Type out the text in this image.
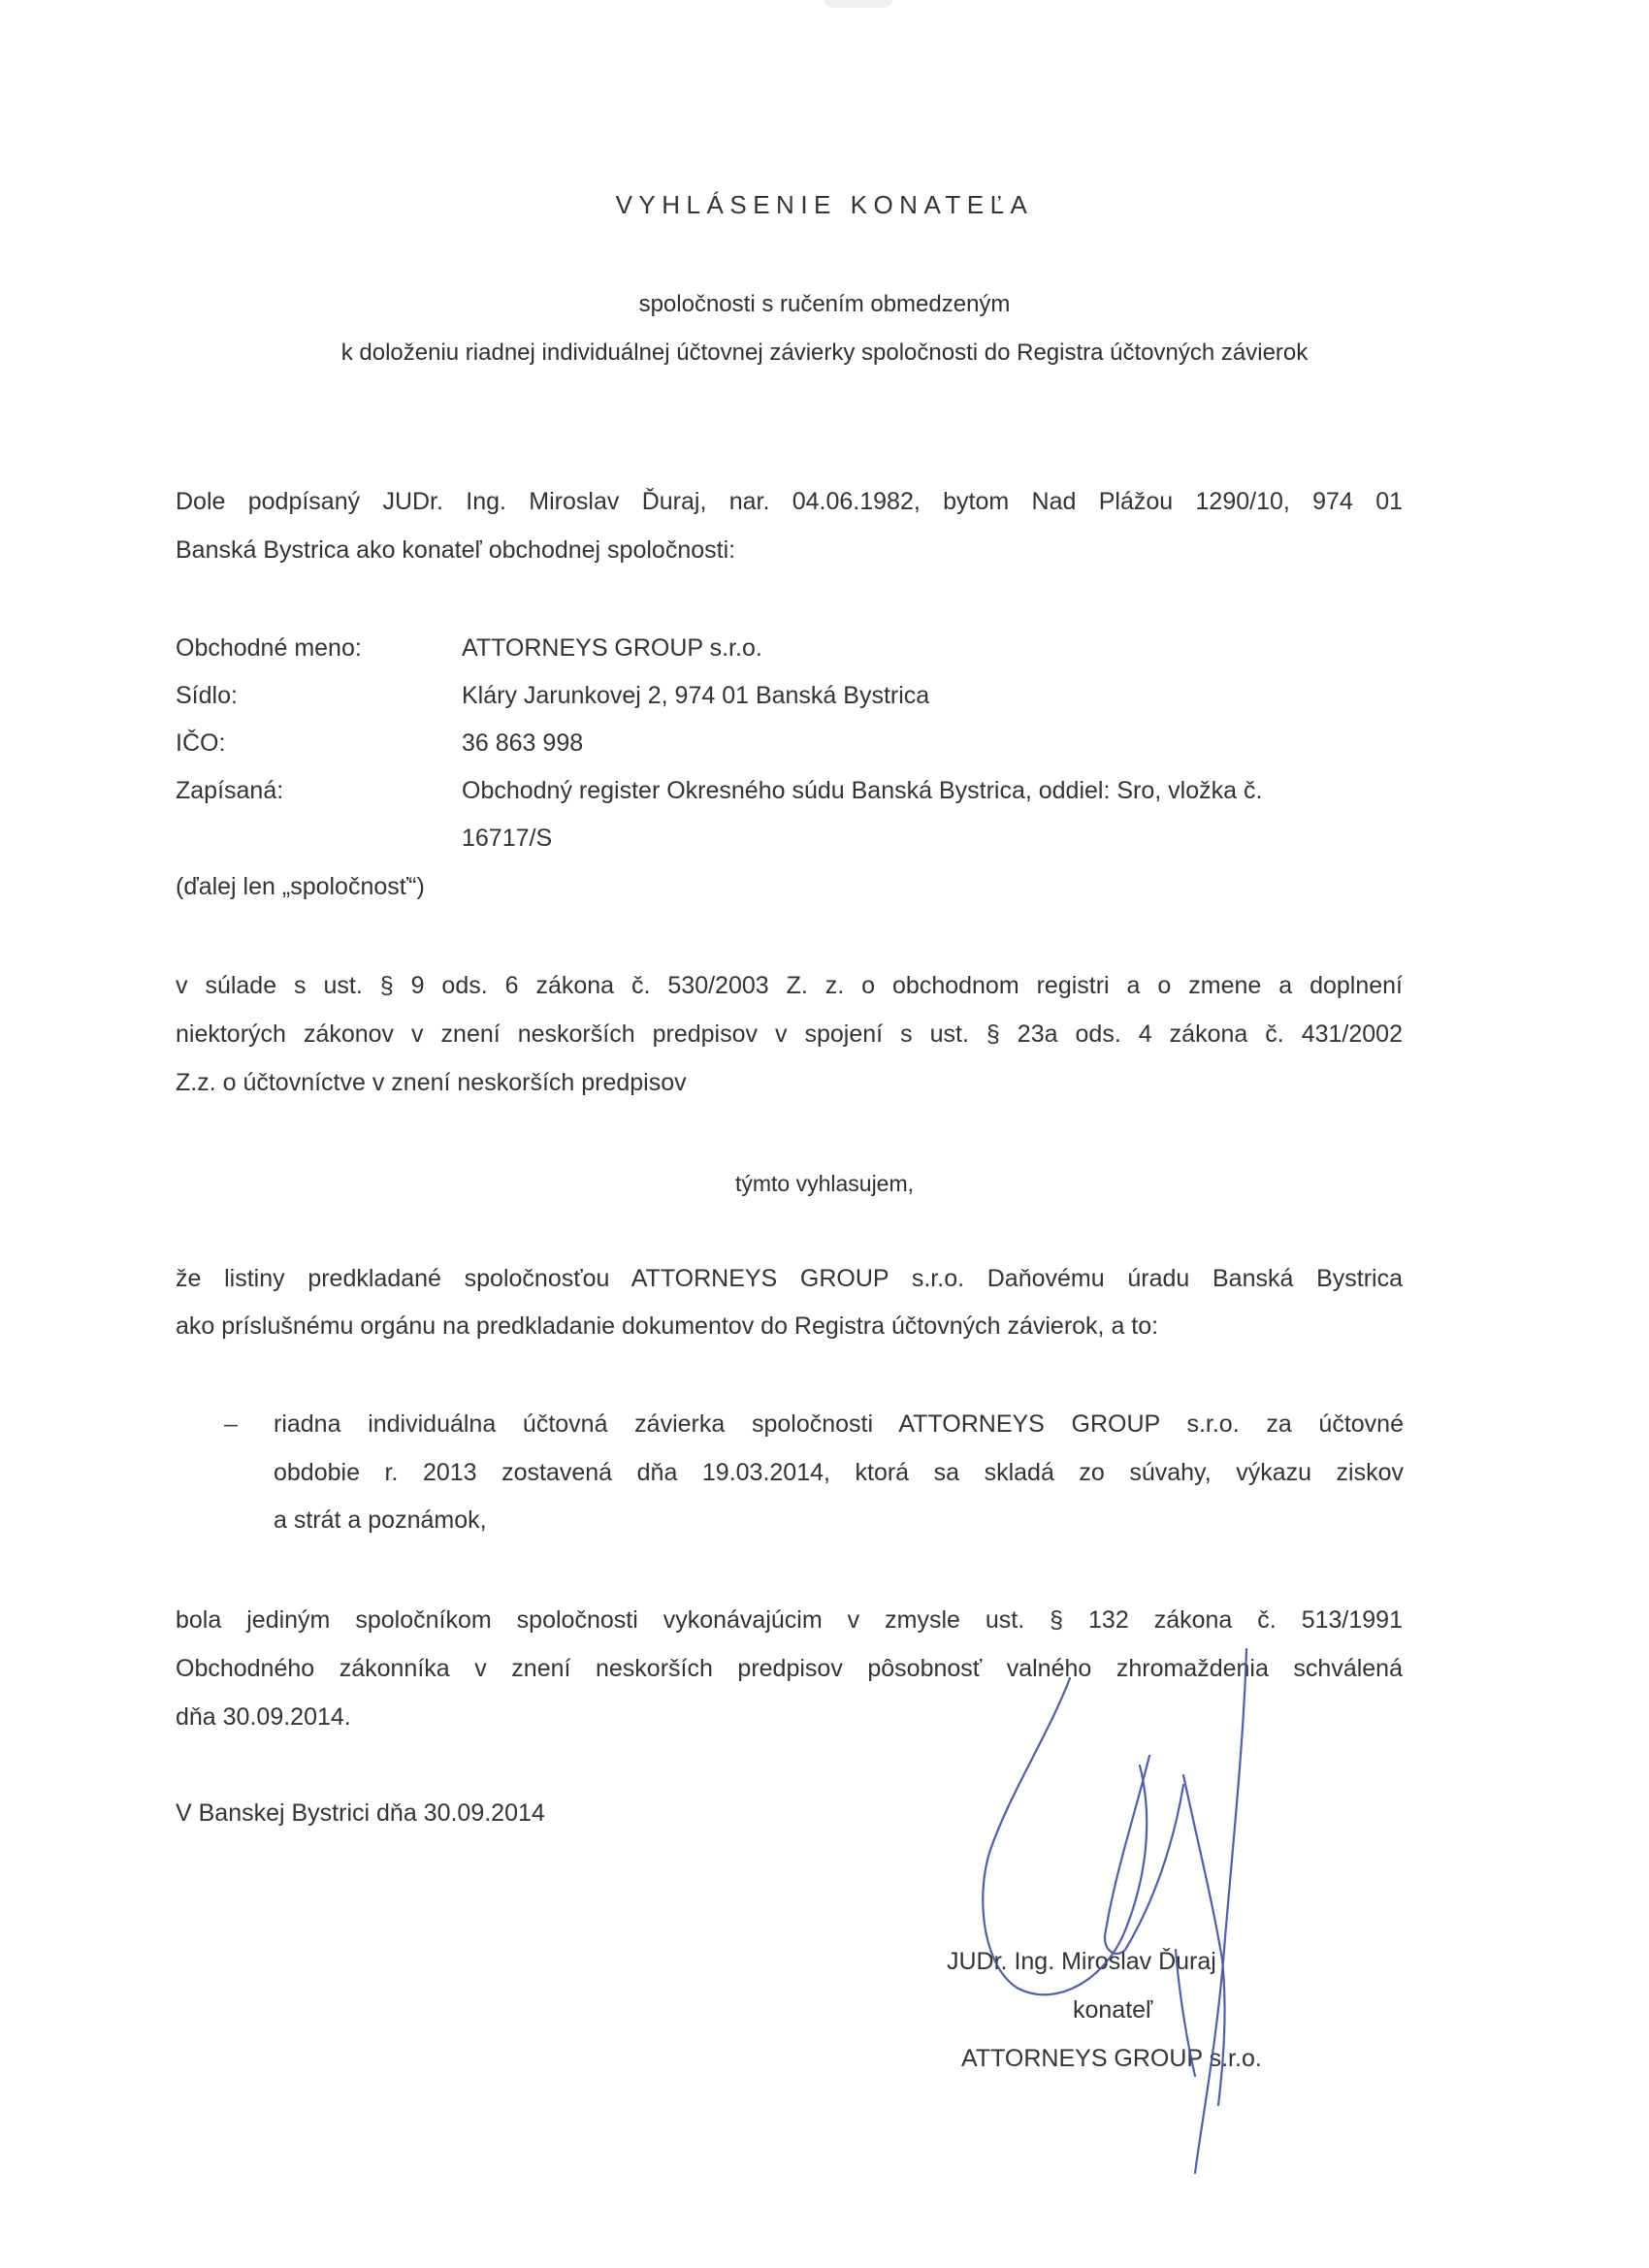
VYHLÁSENIE KONATEĽA
spoločnosti s ručením obmedzeným
k doloženiu riadnej individuálnej účtovnej závierky spoločnosti do Registra účtovných závierok
Dole podpísaný JUDr. Ing. Miroslav Ďuraj, nar. 04.06.1982, bytom Nad Plážou 1290/10, 974 01
Banská Bystrica ako konateľ obchodnej spoločnosti:
Obchodné meno:	ATTORNEYS GROUP s.r.o.
Sídlo:	Kláry Jarunkovej 2, 974 01 Banská Bystrica
IČO:	36 863 998
Zapísaná:	Obchodný register Okresného súdu Banská Bystrica, oddiel: Sro, vložka č.
16717/S
(ďalej len „spoločnosť“)
v súlade s ust. § 9 ods. 6 zákona č. 530/2003 Z. z. o obchodnom registri a o zmene a doplnení
niektorých zákonov v znení neskorších predpisov v spojení s ust. § 23a ods. 4 zákona č. 431/2002
Z.z. o účtovníctve v znení neskorších predpisov
týmto vyhlasujem,
že listiny predkladané spoločnosťou ATTORNEYS GROUP s.r.o. Daňovému úradu Banská Bystrica
ako príslušnému orgánu na predkladanie dokumentov do Registra účtovných závierok, a to:
– riadna individuálna účtovná závierka spoločnosti ATTORNEYS GROUP s.r.o. za účtovné
obdobie r. 2013 zostavená dňa 19.03.2014, ktorá sa skladá zo súvahy, výkazu ziskov
a strát a poznámok,
bola jediným spoločníkom spoločnosti vykonávajúcim v zmysle ust. § 132 zákona č. 513/1991
Obchodného zákonníka v znení neskorších predpisov pôsobnosť valného zhromaždenia schválená
dňa 30.09.2014.
V Banskej Bystrici dňa 30.09.2014
JUDr. Ing. Miroslav Ďuraj
konateľ
ATTORNEYS GROUP s.r.o.
